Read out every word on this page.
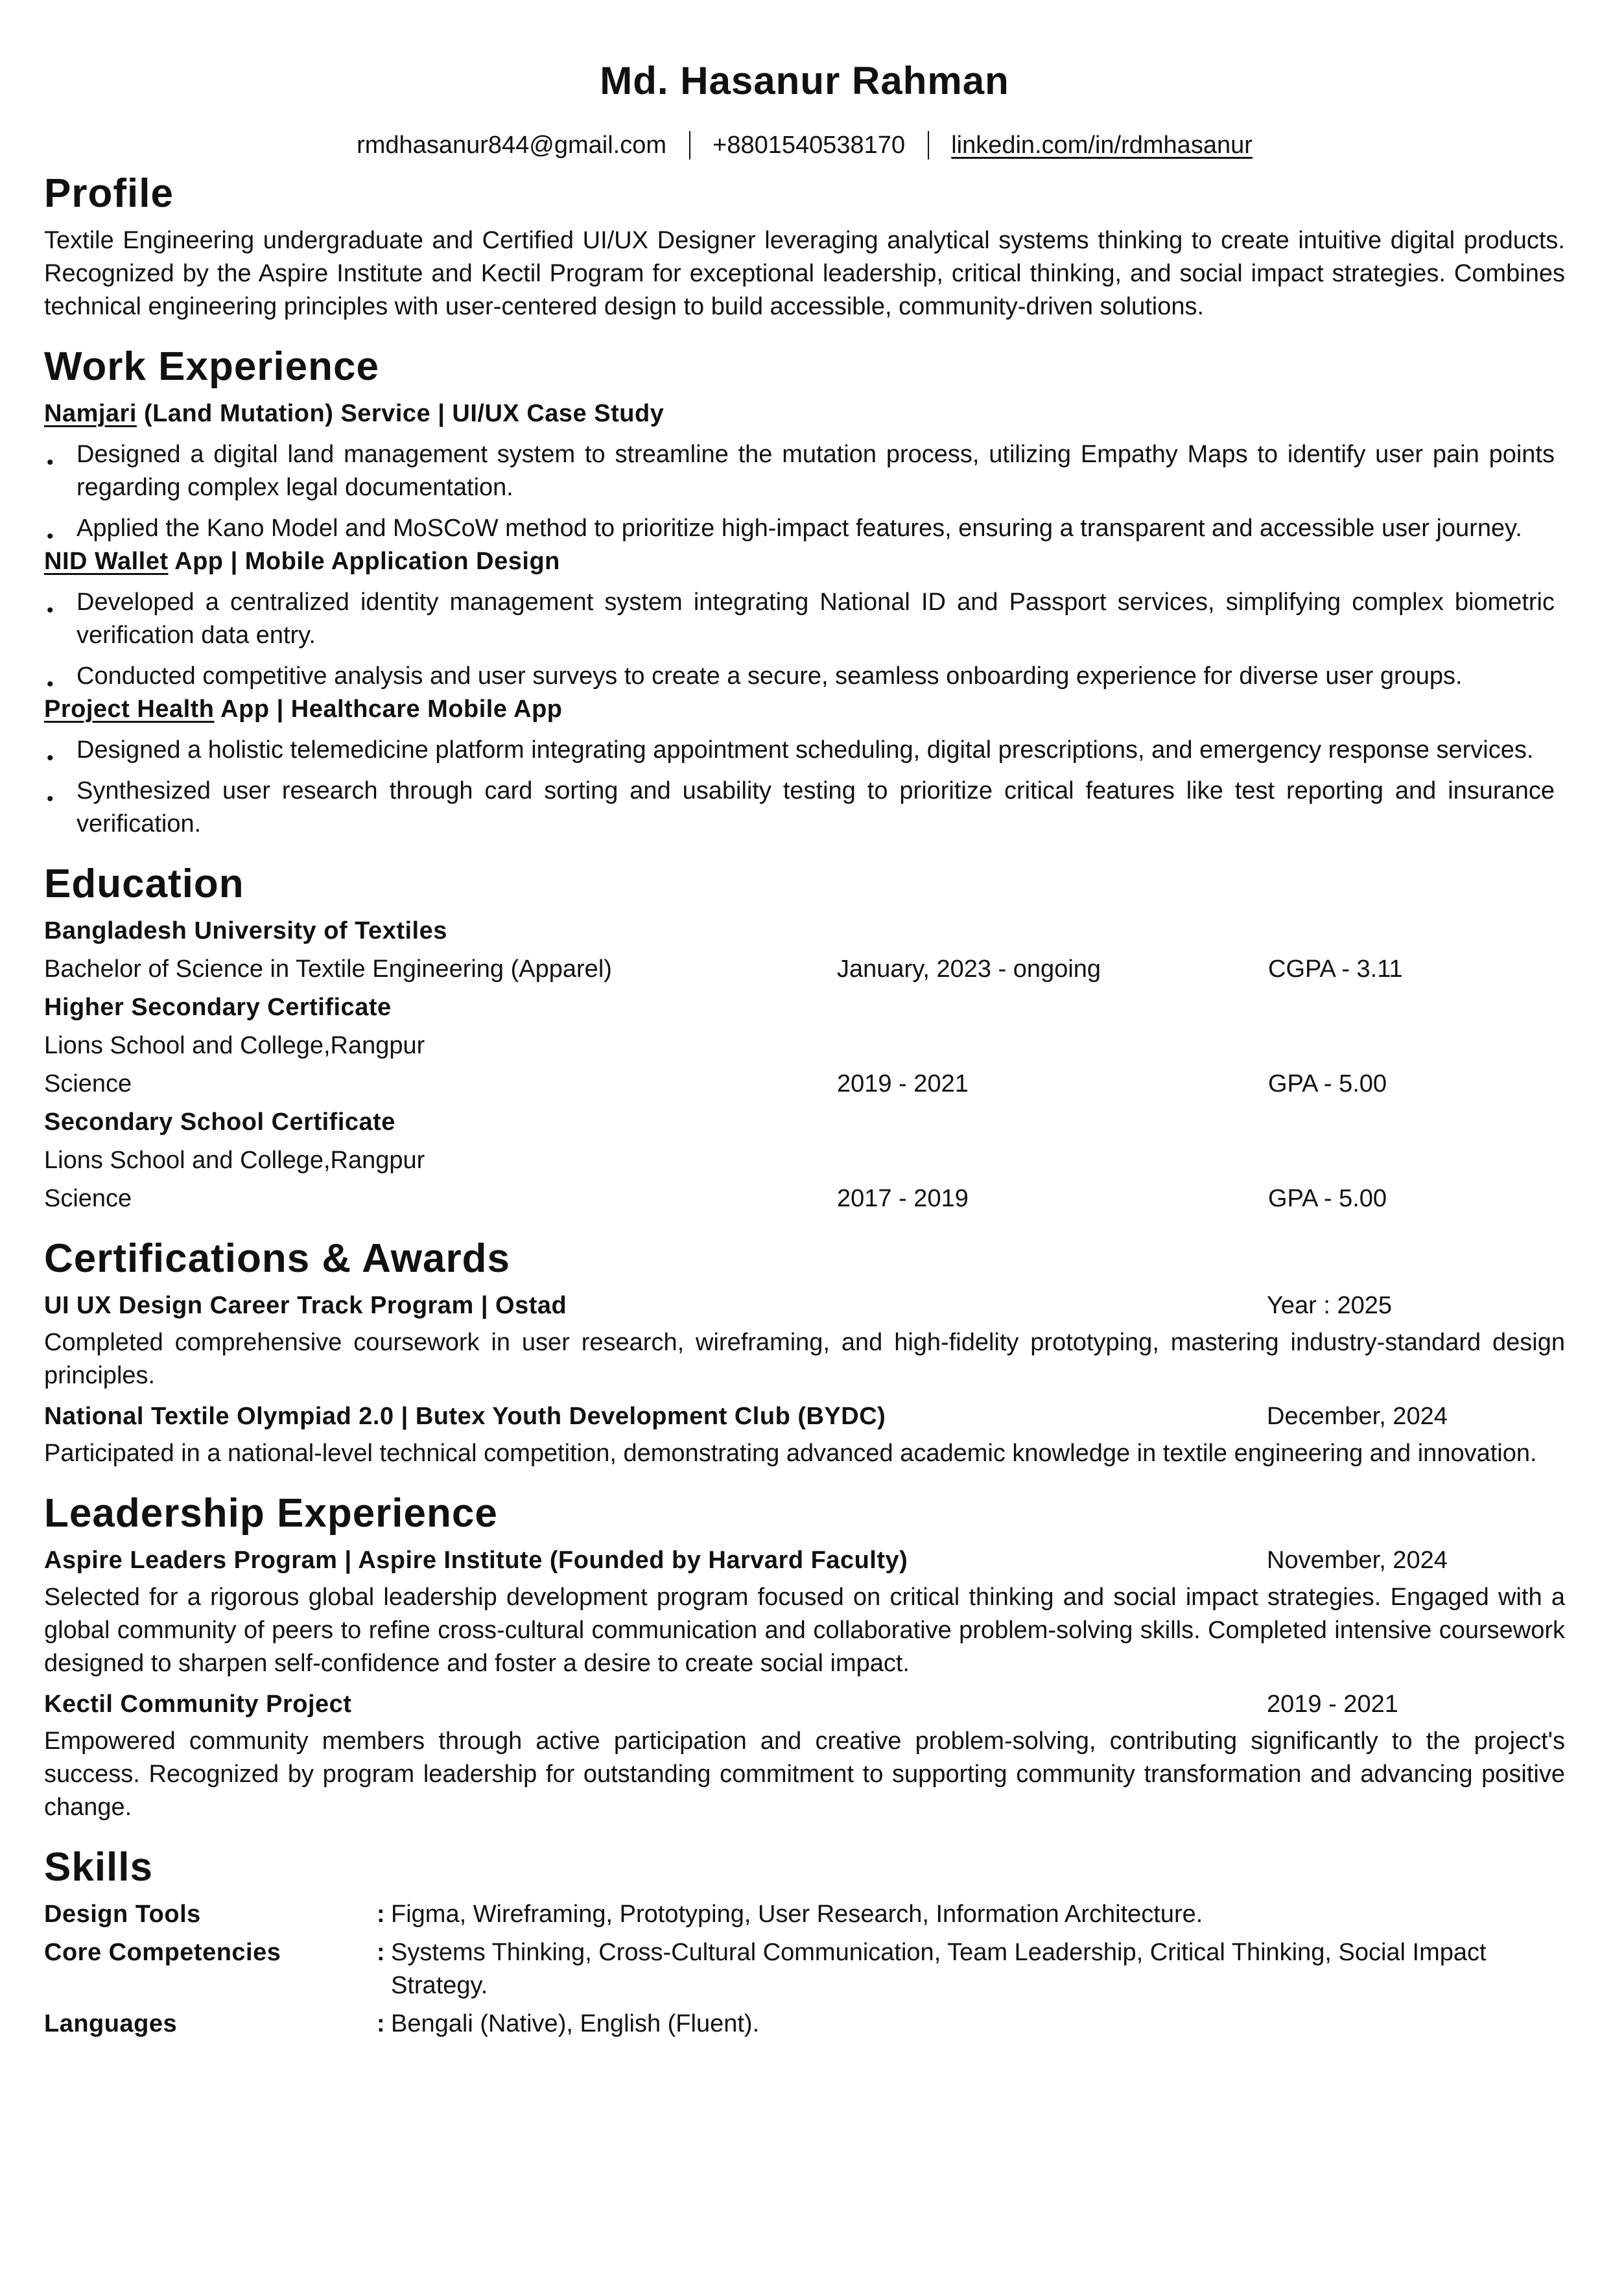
Md. Hasanur Rahman
rmdhasanur844@gmail.com +8801540538170 linkedin.com/in/rdmhasanur
Profile

Textile Engineering undergraduate and Certified UI/UX Designer leveraging analytical systems thinking to create intuitive digital products. Recognized by the Aspire Institute and Kectil Program for exceptional leadership, critical thinking, and social impact strategies. Combines technical engineering principles with user-centered design to build accessible, community-driven solutions.

Work Experience
Namjari (Land Mutation) Service | UI/UX Case Study
• Designed a digital land management system to streamline the mutation process, utilizing Empathy Maps to identify user pain points regarding complex legal documentation.
• Applied the Kano Model and MoSCoW method to prioritize high-impact features, ensuring a transparent and accessible user journey.
NID Wallet App | Mobile Application Design
• Developed a centralized identity management system integrating National ID and Passport services, simplifying complex biometric verification data entry.
• Conducted competitive analysis and user surveys to create a secure, seamless onboarding experience for diverse user groups.
Project Health App | Healthcare Mobile App
• Designed a holistic telemedicine platform integrating appointment scheduling, digital prescriptions, and emergency response services.
• Synthesized user research through card sorting and usability testing to prioritize critical features like test reporting and insurance verification.
Education
Bangladesh University of Textiles
Bachelor of Science in Textile Engineering (Apparel)	January, 2023 - ongoing	CGPA - 3.11
Higher Secondary Certificate
Lions School and College,Rangpur
Science	2019 - 2021	GPA - 5.00
Secondary School Certificate
Lions School and College,Rangpur
Science	2017 - 2019	GPA - 5.00
Certifications & Awards
UI UX Design Career Track Program | Ostad	Year : 2025

Completed comprehensive coursework in user research, wireframing, and high-fidelity prototyping, mastering industry-standard design principles.

National Textile Olympiad 2.0 | Butex Youth Development Club (BYDC)	December, 2024

Participated in a national-level technical competition, demonstrating advanced academic knowledge in textile engineering and innovation.

Leadership Experience
Aspire Leaders Program | Aspire Institute (Founded by Harvard Faculty)	November, 2024

Selected for a rigorous global leadership development program focused on critical thinking and social impact strategies. Engaged with a global community of peers to refine cross-cultural communication and collaborative problem-solving skills. Completed intensive coursework designed to sharpen self-confidence and foster a desire to create social impact.

Kectil Community Project	2019 - 2021

Empowered community members through active participation and creative problem-solving, contributing significantly to the project's success. Recognized by program leadership for outstanding commitment to supporting community transformation and advancing positive change.

Skills
Design Tools	: Figma, Wireframing, Prototyping, User Research, Information Architecture.
Core Competencies	: Systems Thinking, Cross-Cultural Communication, Team Leadership, Critical Thinking, Social Impact Strategy.
Languages	: Bengali (Native), English (Fluent).
